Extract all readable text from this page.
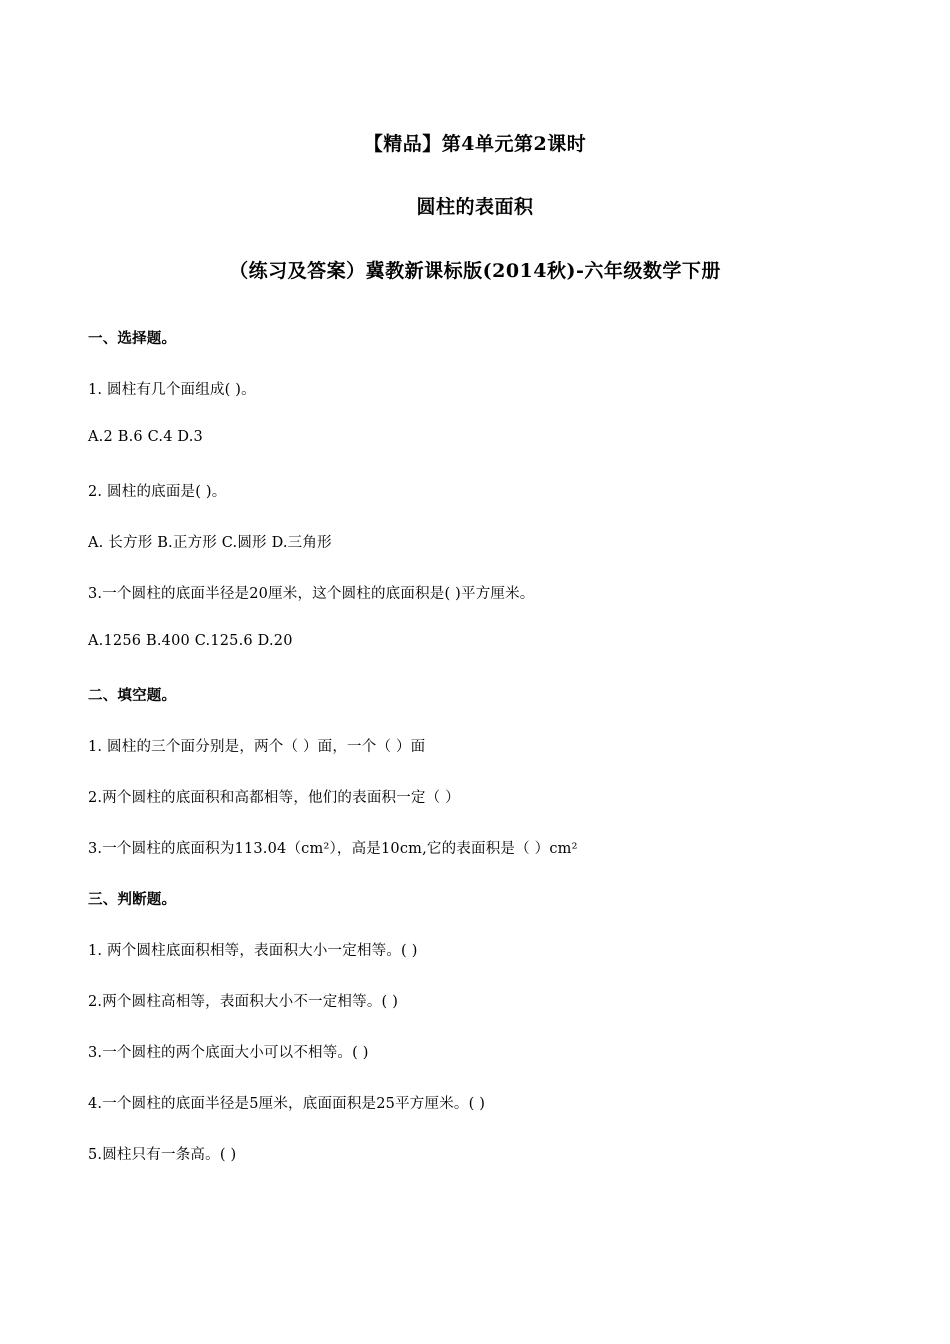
【精品】第4单元第2课时
圆柱的表面积
（练习及答案）冀教新课标版(2014秋)-六年级数学下册
一、选择题。
1. 圆柱有几个面组成( )。
A.2 B.6 C.4 D.3
2. 圆柱的底面是( )。
A. 长方形 B.正方形 C.圆形 D.三角形
3.一个圆柱的底面半径是20厘米，这个圆柱的底面积是( )平方厘米。
A.1256 B.400 C.125.6 D.20
二、填空题。
1. 圆柱的三个面分别是，两个（ ）面，一个（ ）面
2.两个圆柱的底面积和高都相等，他们的表面积一定（ ）
3.一个圆柱的底面积为113.04（cm²），高是10cm,它的表面积是（ ）cm²
三、判断题。
1. 两个圆柱底面积相等，表面积大小一定相等。( )
2.两个圆柱高相等，表面积大小不一定相等。( )
3.一个圆柱的两个底面大小可以不相等。( )
4.一个圆柱的底面半径是5厘米，底面面积是25平方厘米。( )
5.圆柱只有一条高。( )
